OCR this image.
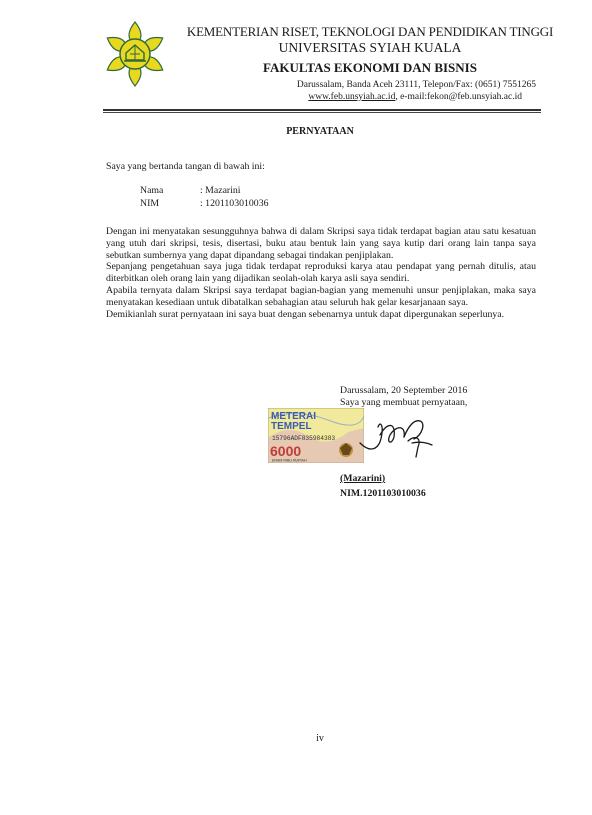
KEMENTERIAN RISET, TEKNOLOGI DAN PENDIDIKAN TINGGI
UNIVERSITAS SYIAH KUALA
FAKULTAS EKONOMI DAN BISNIS
Darussalam, Banda Aceh 23111, Telepon/Fax: (0651) 7551265
www.feb.unsyiah.ac.id, e-mail:fekon@feb.unsyiah.ac.id
PERNYATAAN
Saya yang bertanda tangan di bawah ini:
Nama	: Mazarini
NIM	: 1201103010036

Dengan ini menyatakan sesungguhnya bahwa di dalam Skripsi saya tidak terdapat bagian atau satu kesatuan yang utuh dari skripsi, tesis, disertasi, buku atau bentuk lain yang saya kutip dari orang lain tanpa saya sebutkan sumbernya yang dapat dipandang sebagai tindakan penjiplakan.

Sepanjang pengetahuan saya juga tidak terdapat reproduksi karya atau pendapat yang pernah ditulis, atau diterbitkan oleh orang lain yang dijadikan seolah-olah karya asli saya sendiri.

Apabila ternyata dalam Skripsi saya terdapat bagian-bagian yang memenuhi unsur penjiplakan, maka saya menyatakan kesediaan untuk dibatalkan sebahagian atau seluruh hak gelar kesarjanaan saya.

Demikianlah surat pernyataan ini saya buat dengan sebenarnya untuk dapat dipergunakan seperlunya.

Darussalam, 20 September 2016
Saya yang membuat pernyataan,
METERAI
TEMPEL
15796ADF835984383
6000
ENAM RIBU RUPIAH
(Mazarini)
NIM.1201103010036
iv
